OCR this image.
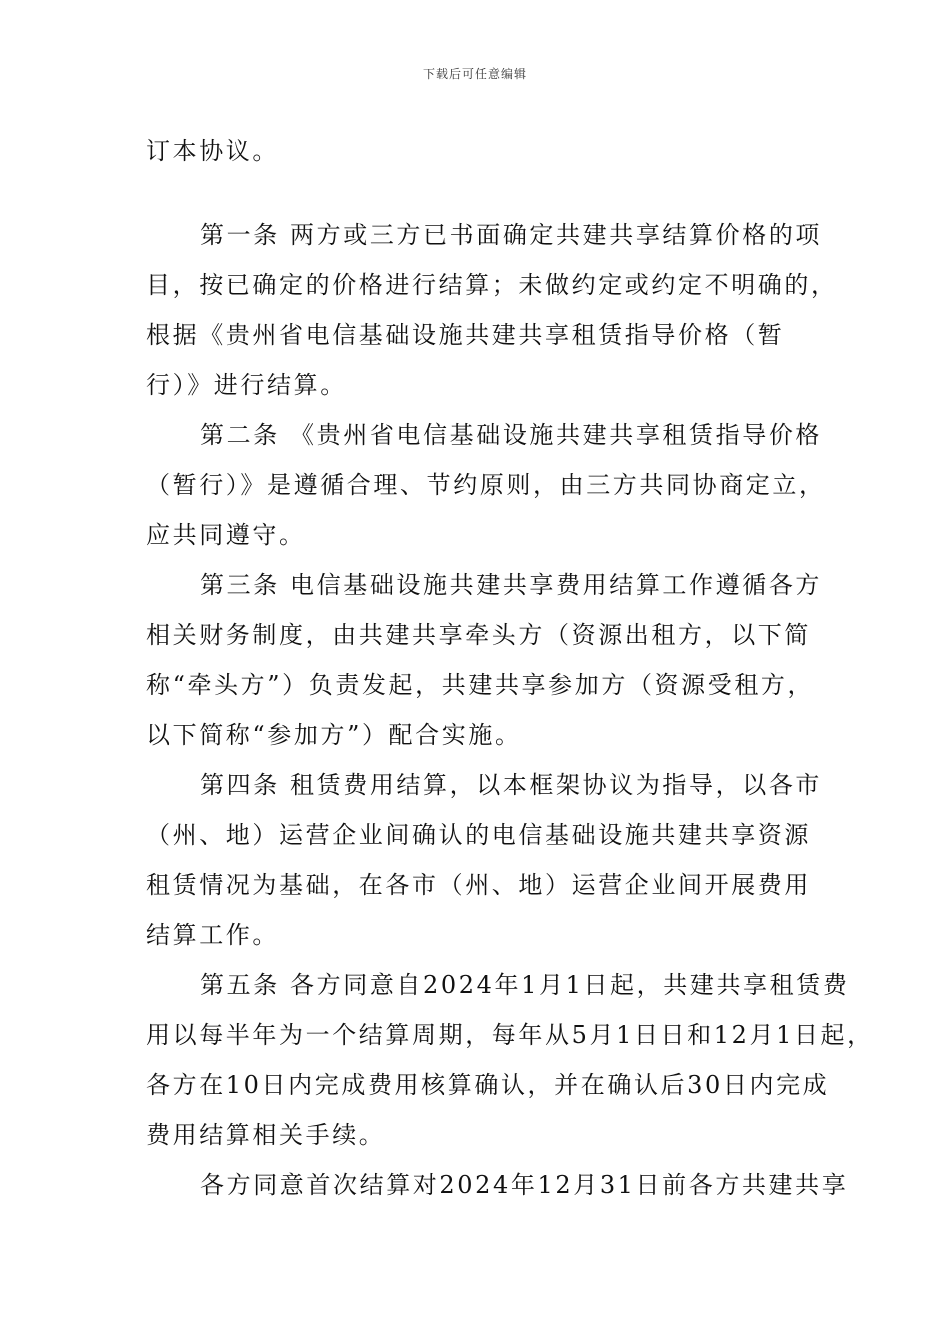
下载后可任意编辑
订本协议。
第一条 两方或三方已书面确定共建共享结算价格的项
目，按已确定的价格进行结算；未做约定或约定不明确的，
根据《贵州省电信基础设施共建共享租赁指导价格（暂
行）》进行结算。
第二条 《贵州省电信基础设施共建共享租赁指导价格
（暂行）》是遵循合理、节约原则，由三方共同协商定立，
应共同遵守。
第三条 电信基础设施共建共享费用结算工作遵循各方
相关财务制度，由共建共享牵头方（资源出租方，以下简
称“牵头方”）负责发起，共建共享参加方（资源受租方，
以下简称“参加方”）配合实施。
第四条 租赁费用结算，以本框架协议为指导，以各市
（州、地）运营企业间确认的电信基础设施共建共享资源
租赁情况为基础，在各市（州、地）运营企业间开展费用
结算工作。
第五条 各方同意自2024年1月1日起，共建共享租赁费
用以每半年为一个结算周期，每年从5月1日日和12月1日起，
各方在10日内完成费用核算确认，并在确认后30日内完成
费用结算相关手续。
各方同意首次结算对2024年12月31日前各方共建共享
